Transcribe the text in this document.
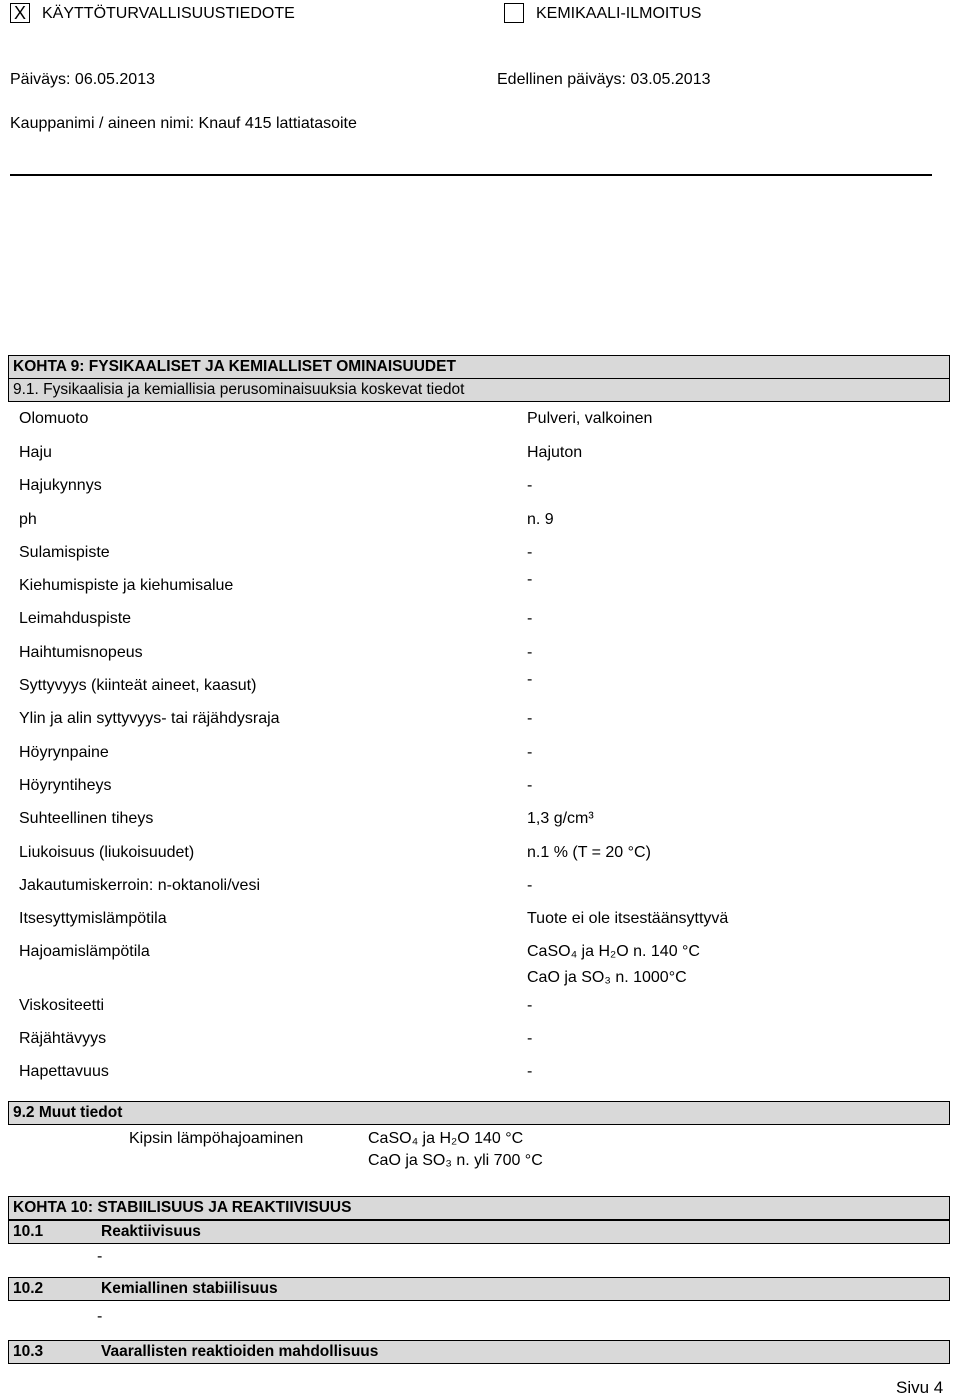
X KÄYTTÖTURVALLISUUSTIEDOTE	KEMIKAALI-ILMOITUS
Päiväys: 06.05.2013	Edellinen päiväys: 03.05.2013
Kauppanimi / aineen nimi: Knauf 415 lattiatasoite
KOHTA 9: FYSIKAALISET JA KEMIALLISET OMINAISUUDET
9.1. Fysikaalisia ja kemiallisia perusominaisuuksia koskevat tiedot
Olomuoto	Pulveri, valkoinen
Haju	Hajuton
Hajukynnys	-
ph	n. 9
Sulamispiste	-
Kiehumispiste ja kiehumisalue	-
Leimahduspiste	-
Haihtumisnopeus	-
Syttyvyys (kiinteät aineet, kaasut)	-
Ylin ja alin syttyvyys- tai räjähdysraja	-
Höyrynpaine	-
Höyryntiheys	-
Suhteellinen tiheys	1,3 g/cm³
Liukoisuus (liukoisuudet)	n.1 % (T = 20 °C)
Jakautumiskerroin: n-oktanoli/vesi	-
Itsesyttymislämpötila	Tuote ei ole itsestäänsyttyvä
Hajoamislämpötila	CaSO₄ ja H₂O n. 140 °C
CaO ja SO₃ n. 1000°C
Viskositeetti	-
Räjähtävyys	-
Hapettavuus	-
9.2 Muut tiedot
Kipsin lämpöhajoaminen	CaSO₄ ja H₂O 140 °C
CaO ja SO₃ n. yli 700 °C
KOHTA 10: STABIILISUUS JA REAKTIIVISUUS
10.1	Reaktiivisuus
-
10.2	Kemiallinen stabiilisuus
-
10.3	Vaarallisten reaktioiden mahdollisuus
Sivu 4
